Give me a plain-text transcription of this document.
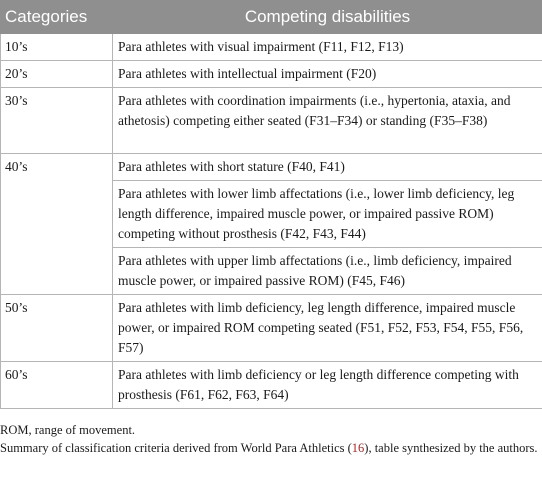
Categories	Competing disabilities
10’s	Para athletes with visual impairment (F11, F12, F13)
20’s	Para athletes with intellectual impairment (F20)
30’s	Para athletes with coordination impairments (i.e., hypertonia, ataxia, and athetosis) competing either seated (F31–F34) or standing (F35–F38)
40’s	Para athletes with short stature (F40, F41)
	Para athletes with lower limb affectations (i.e., lower limb deficiency, leg length difference, impaired muscle power, or impaired passive ROM) competing without prosthesis (F42, F43, F44)
	Para athletes with upper limb affectations (i.e., limb deficiency, impaired muscle power, or impaired passive ROM) (F45, F46)
50’s	Para athletes with limb deficiency, leg length difference, impaired muscle power, or impaired ROM competing seated (F51, F52, F53, F54, F55, F56, F57)
60’s	Para athletes with limb deficiency or leg length difference competing with prosthesis (F61, F62, F63, F64)

ROM, range of movement.

Summary of classification criteria derived from World Para Athletics (16), table synthesized by the authors.
